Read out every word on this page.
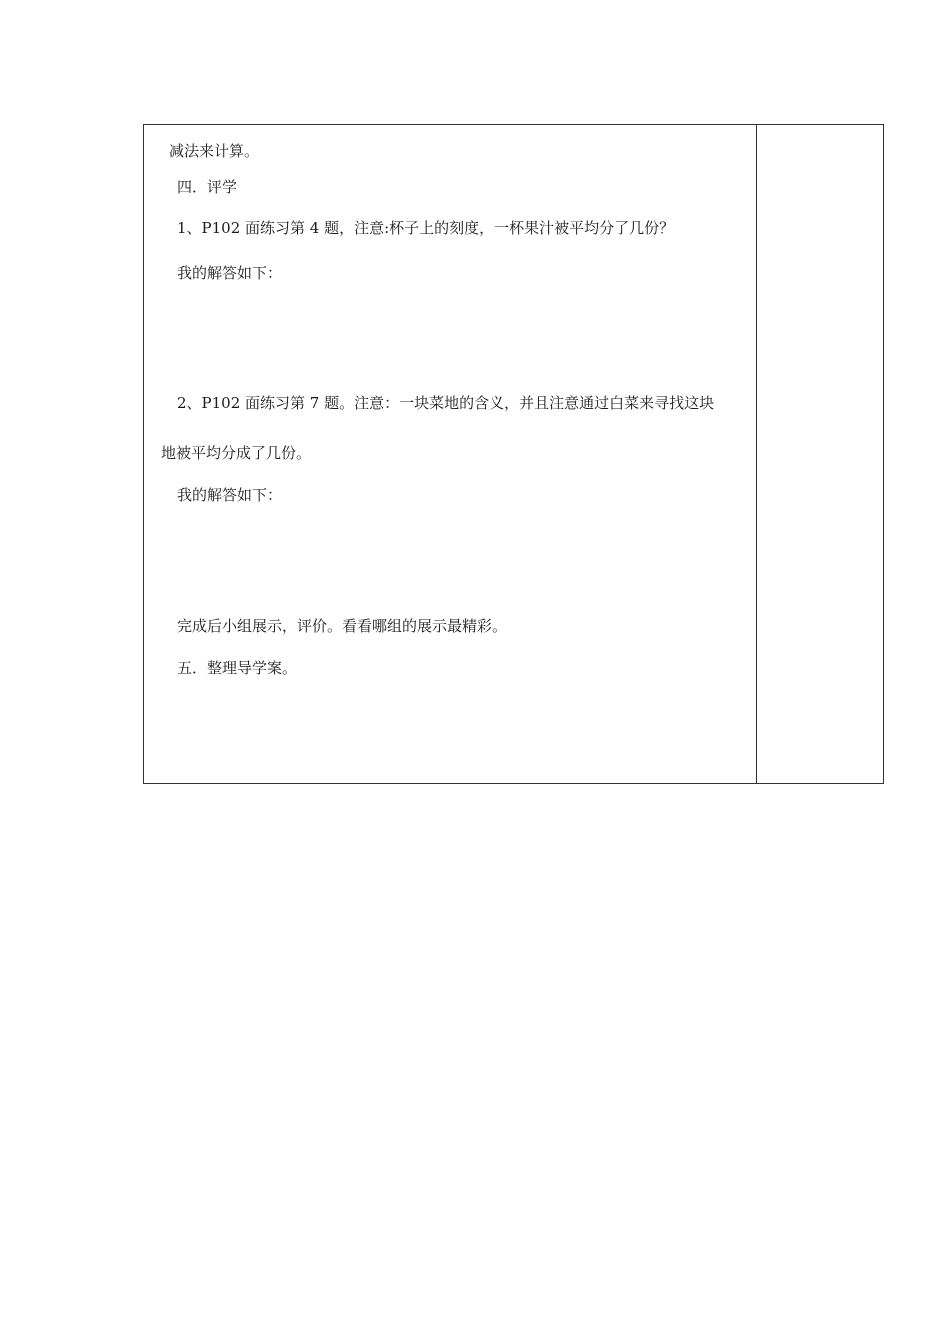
减法来计算。
四．评学
1、P102 面练习第 4 题，注意:杯子上的刻度，一杯果汁被平均分了几份？
我的解答如下：
2、P102 面练习第 7 题。注意：一块菜地的含义，并且注意通过白菜来寻找这块
地被平均分成了几份。
我的解答如下：
完成后小组展示，评价。看看哪组的展示最精彩。
五．整理导学案。
